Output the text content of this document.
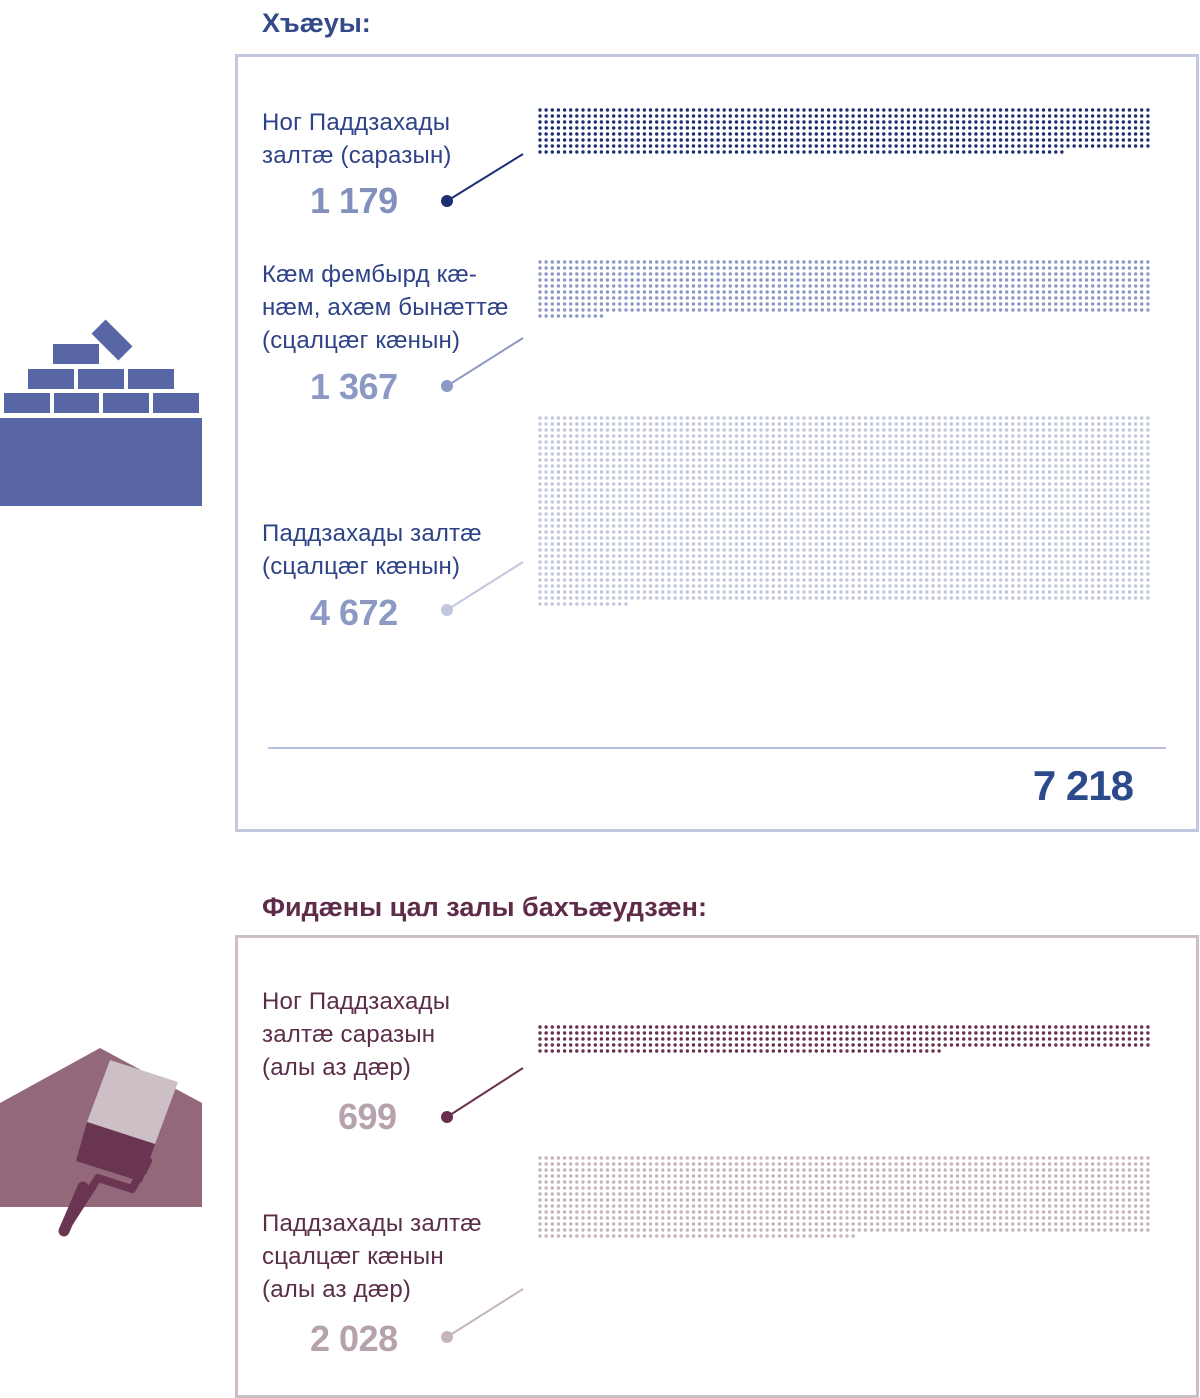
Хъæуы:
Фидæны цал залы бахъæудзæн:

Ног Паддзахады
залтæ (саразын)

Кæм фембырд кæ-
нæм, ахæм бынæттæ
(сцалцæг кæнын)

Паддзахады залтæ
(сцалцæг кæнын)

1 179

1 367

4 672

7 218

Ног Паддзахады
залтæ саразын
(алы аз дæр)

Паддзахады залтæ
сцалцæг кæнын
(алы аз дæр)

699

2 028
